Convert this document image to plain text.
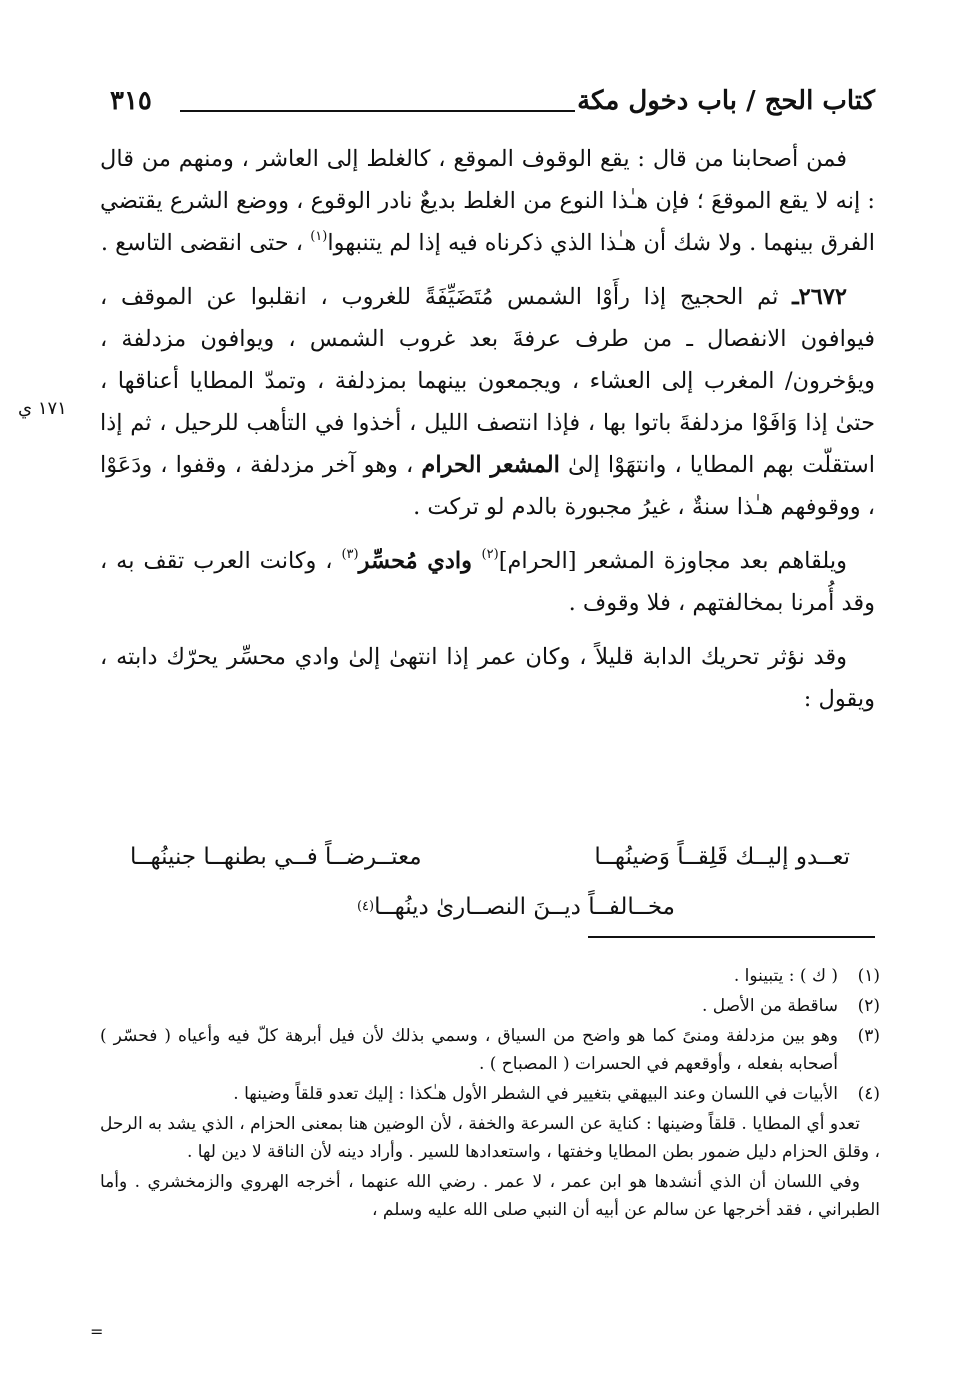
كتاب الحج / باب دخول مكة
٣١٥
١٧١ ي

فمن أصحابنا من قال : يقع الوقوف الموقع ، كالغلط إلى العاشر ، ومنهم من قال : إنه لا يقع الموقعَ ؛ فإن هـٰذا النوع من الغلط بديعٌ نادر الوقوع ، ووضع الشرع يقتضي الفرق بينهما . ولا شك أن هـٰذا الذي ذكرناه فيه إذا لم يتنبهوا$^{(١)}$ ، حتى انقضى التاسع .

٢٦٧٢ـ ثم الحجيج إذا رأَوْا الشمس مُتَضَيِّفَةً للغروب ، انقلبوا عن الموقف ، فيوافون الانفصال ـ من طرف عرفةَ بعد غروب الشمس ، ويوافون مزدلفة ، ويؤخرون/ المغرب إلى العشاء ، ويجمعون بينهما بمزدلفة ، وتمدّ المطايا أعناقها ، حتىٰ إذا وَافَوْا مزدلفةَ باتوا بها ، فإذا انتصف الليل ، أخذوا في التأهب للرحيل ، ثم إذا استقلّت بهم المطايا ، وانتهَوْا إلىٰ المشعر الحرام ، وهو آخر مزدلفة ، وقفوا ، ودَعَوْا ، ووقوفهم هـٰذا سنةٌ ، غيرُ مجبورة بالدم لو تركت .

ويلقاهم بعد مجاوزة المشعر [الحرام]$^{(٢)}$ وادي مُحسِّر$^{(٣)}$ ، وكانت العرب تقف به ، وقد أُمرنا بمخالفتهم ، فلا وقوف .

وقد نؤثر تحريك الدابة قليلاً ، وكان عمر إذا انتهىٰ إلىٰ وادي محسِّر يحرّك دابته ، ويقول :

تعــدو إليــك قَلِقــاً وَضينُهــا
معتــرضــاً فــي بطنهــا جنينُهــا
مخــالفــاً ديــنَ النصــارىٰ دينُهــا
(٤)
(١)
( ك ) : يتبينوا .
(٢)
ساقطة من الأصل .
(٣)
وهو بين مزدلفة ومنىً كما هو واضح من السياق ، وسمي بذلك لأن فيل أبرهة كلّ فيه وأعياه ( فحسّر ) أصحابه بفعله ، وأوقعهم في الحسرات ( المصباح ) .
(٤)
الأبيات في اللسان وعند البيهقي بتغيير في الشطر الأول هـٰكذا : إليك تعدو قلقاً وضينها .
تعدو أي المطايا . قلقاً وضينها : كناية عن السرعة والخفة ، لأن الوضين هنا بمعنى الحزام ، الذي يشد به الرحل ، وقلق الحزام دليل ضمور بطن المطايا وخفتها ، واستعدادها للسير . وأراد دينه لأن الناقة لا دين لها .
وفي اللسان أن الذي أنشدها هو ابن عمر ، لا عمر . رضي الله عنهما ، أخرجه الهروي والزمخشري . وأما الطبراني ، فقد أخرجها عن سالم عن أبيه أن النبي صلى الله عليه وسلم ،
=
